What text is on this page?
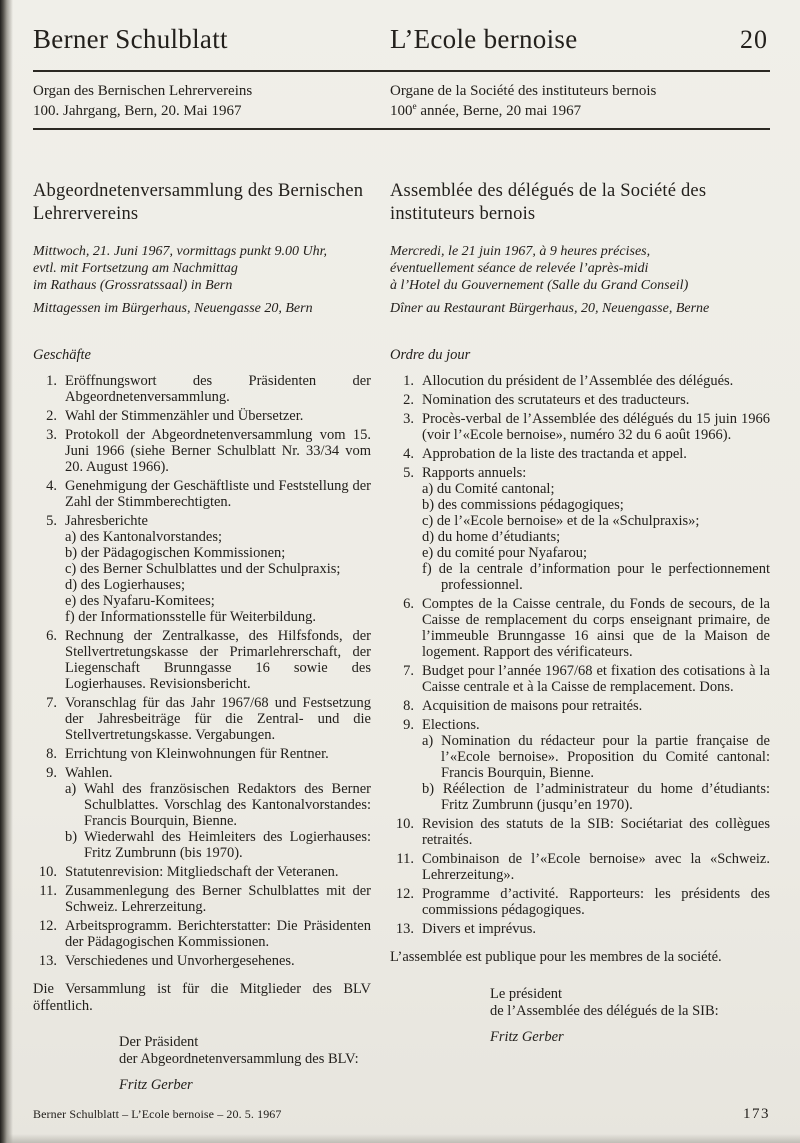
Berner Schulblatt	L’Ecole bernoise	20
Organ des Bernischen Lehrervereins
100. Jahrgang, Bern, 20. Mai 1967
Organe de la Société des instituteurs bernois
100e année, Berne, 20 mai 1967
Abgeordnetenversammlung des Bernischen Lehrervereins
Mittwoch, 21. Juni 1967, vormittags punkt 9.00 Uhr,
evtl. mit Fortsetzung am Nachmittag
im Rathaus (Grossratssaal) in Bern
Mittagessen im Bürgerhaus, Neuengasse 20, Bern
Geschäfte
1. Eröffnungswort des Präsidenten der Abgeordnetenversammlung.
2. Wahl der Stimmenzähler und Übersetzer.
3. Protokoll der Abgeordnetenversammlung vom 15. Juni 1966 (siehe Berner Schulblatt Nr. 33/34 vom 20. August 1966).
4. Genehmigung der Geschäftliste und Feststellung der Zahl der Stimmberechtigten.
5. Jahresberichte
a) des Kantonalvorstandes;
b) der Pädagogischen Kommissionen;
c) des Berner Schulblattes und der Schulpraxis;
d) des Logierhauses;
e) des Nyafaru-Komitees;
f) der Informationsstelle für Weiterbildung.
6. Rechnung der Zentralkasse, des Hilfsfonds, der Stellvertretungskasse der Primarlehrerschaft, der Liegenschaft Brunngasse 16 sowie des Logierhauses. Revisionsbericht.
7. Voranschlag für das Jahr 1967/68 und Festsetzung der Jahresbeiträge für die Zentral- und die Stellvertretungskasse. Vergabungen.
8. Errichtung von Kleinwohnungen für Rentner.
9. Wahlen.
a) Wahl des französischen Redaktors des Berner Schulblattes. Vorschlag des Kantonalvorstandes: Francis Bourquin, Bienne.
b) Wiederwahl des Heimleiters des Logierhauses: Fritz Zumbrunn (bis 1970).
10. Statutenrevision: Mitgliedschaft der Veteranen.
11. Zusammenlegung des Berner Schulblattes mit der Schweiz. Lehrerzeitung.
12. Arbeitsprogramm. Berichterstatter: Die Präsidenten der Pädagogischen Kommissionen.
13. Verschiedenes und Unvorhergesehenes.

Die Versammlung ist für die Mitglieder des BLV öffentlich.

Der Präsident
der Abgeordnetenversammlung des BLV:
Fritz Gerber
Assemblée des délégués de la Société des instituteurs bernois
Mercredi, le 21 juin 1967, à 9 heures précises,
éventuellement séance de relevée l’après-midi
à l’Hotel du Gouvernement (Salle du Grand Conseil)
Dîner au Restaurant Bürgerhaus, 20, Neuengasse, Berne
Ordre du jour
1. Allocution du président de l’Assemblée des délégués.
2. Nomination des scrutateurs et des traducteurs.
3. Procès-verbal de l’Assemblée des délégués du 15 juin 1966 (voir l’«Ecole bernoise», numéro 32 du 6 août 1966).
4. Approbation de la liste des tractanda et appel.
5. Rapports annuels:
a) du Comité cantonal;
b) des commissions pédagogiques;
c) de l’«Ecole bernoise» et de la «Schulpraxis»;
d) du home d’étudiants;
e) du comité pour Nyafarou;
f) de la centrale d’information pour le perfectionnement professionnel.
6. Comptes de la Caisse centrale, du Fonds de secours, de la Caisse de remplacement du corps enseignant primaire, de l’immeuble Brunngasse 16 ainsi que de la Maison de logement. Rapport des vérificateurs.
7. Budget pour l’année 1967/68 et fixation des cotisations à la Caisse centrale et à la Caisse de remplacement. Dons.
8. Acquisition de maisons pour retraités.
9. Elections.
a) Nomination du rédacteur pour la partie française de l’«Ecole bernoise». Proposition du Comité cantonal: Francis Bourquin, Bienne.
b) Réélection de l’administrateur du home d’étudiants: Fritz Zumbrunn (jusqu’en 1970).
10. Revision des statuts de la SIB: Sociétariat des collègues retraités.
11. Combinaison de l’«Ecole bernoise» avec la «Schweiz. Lehrerzeitung».
12. Programme d’activité. Rapporteurs: les présidents des commissions pédagogiques.
13. Divers et imprévus.

L’assemblée est publique pour les membres de la société.

Le président
de l’Assemblée des délégués de la SIB:
Fritz Gerber
Berner Schulblatt – L’Ecole bernoise – 20. 5. 1967	173
